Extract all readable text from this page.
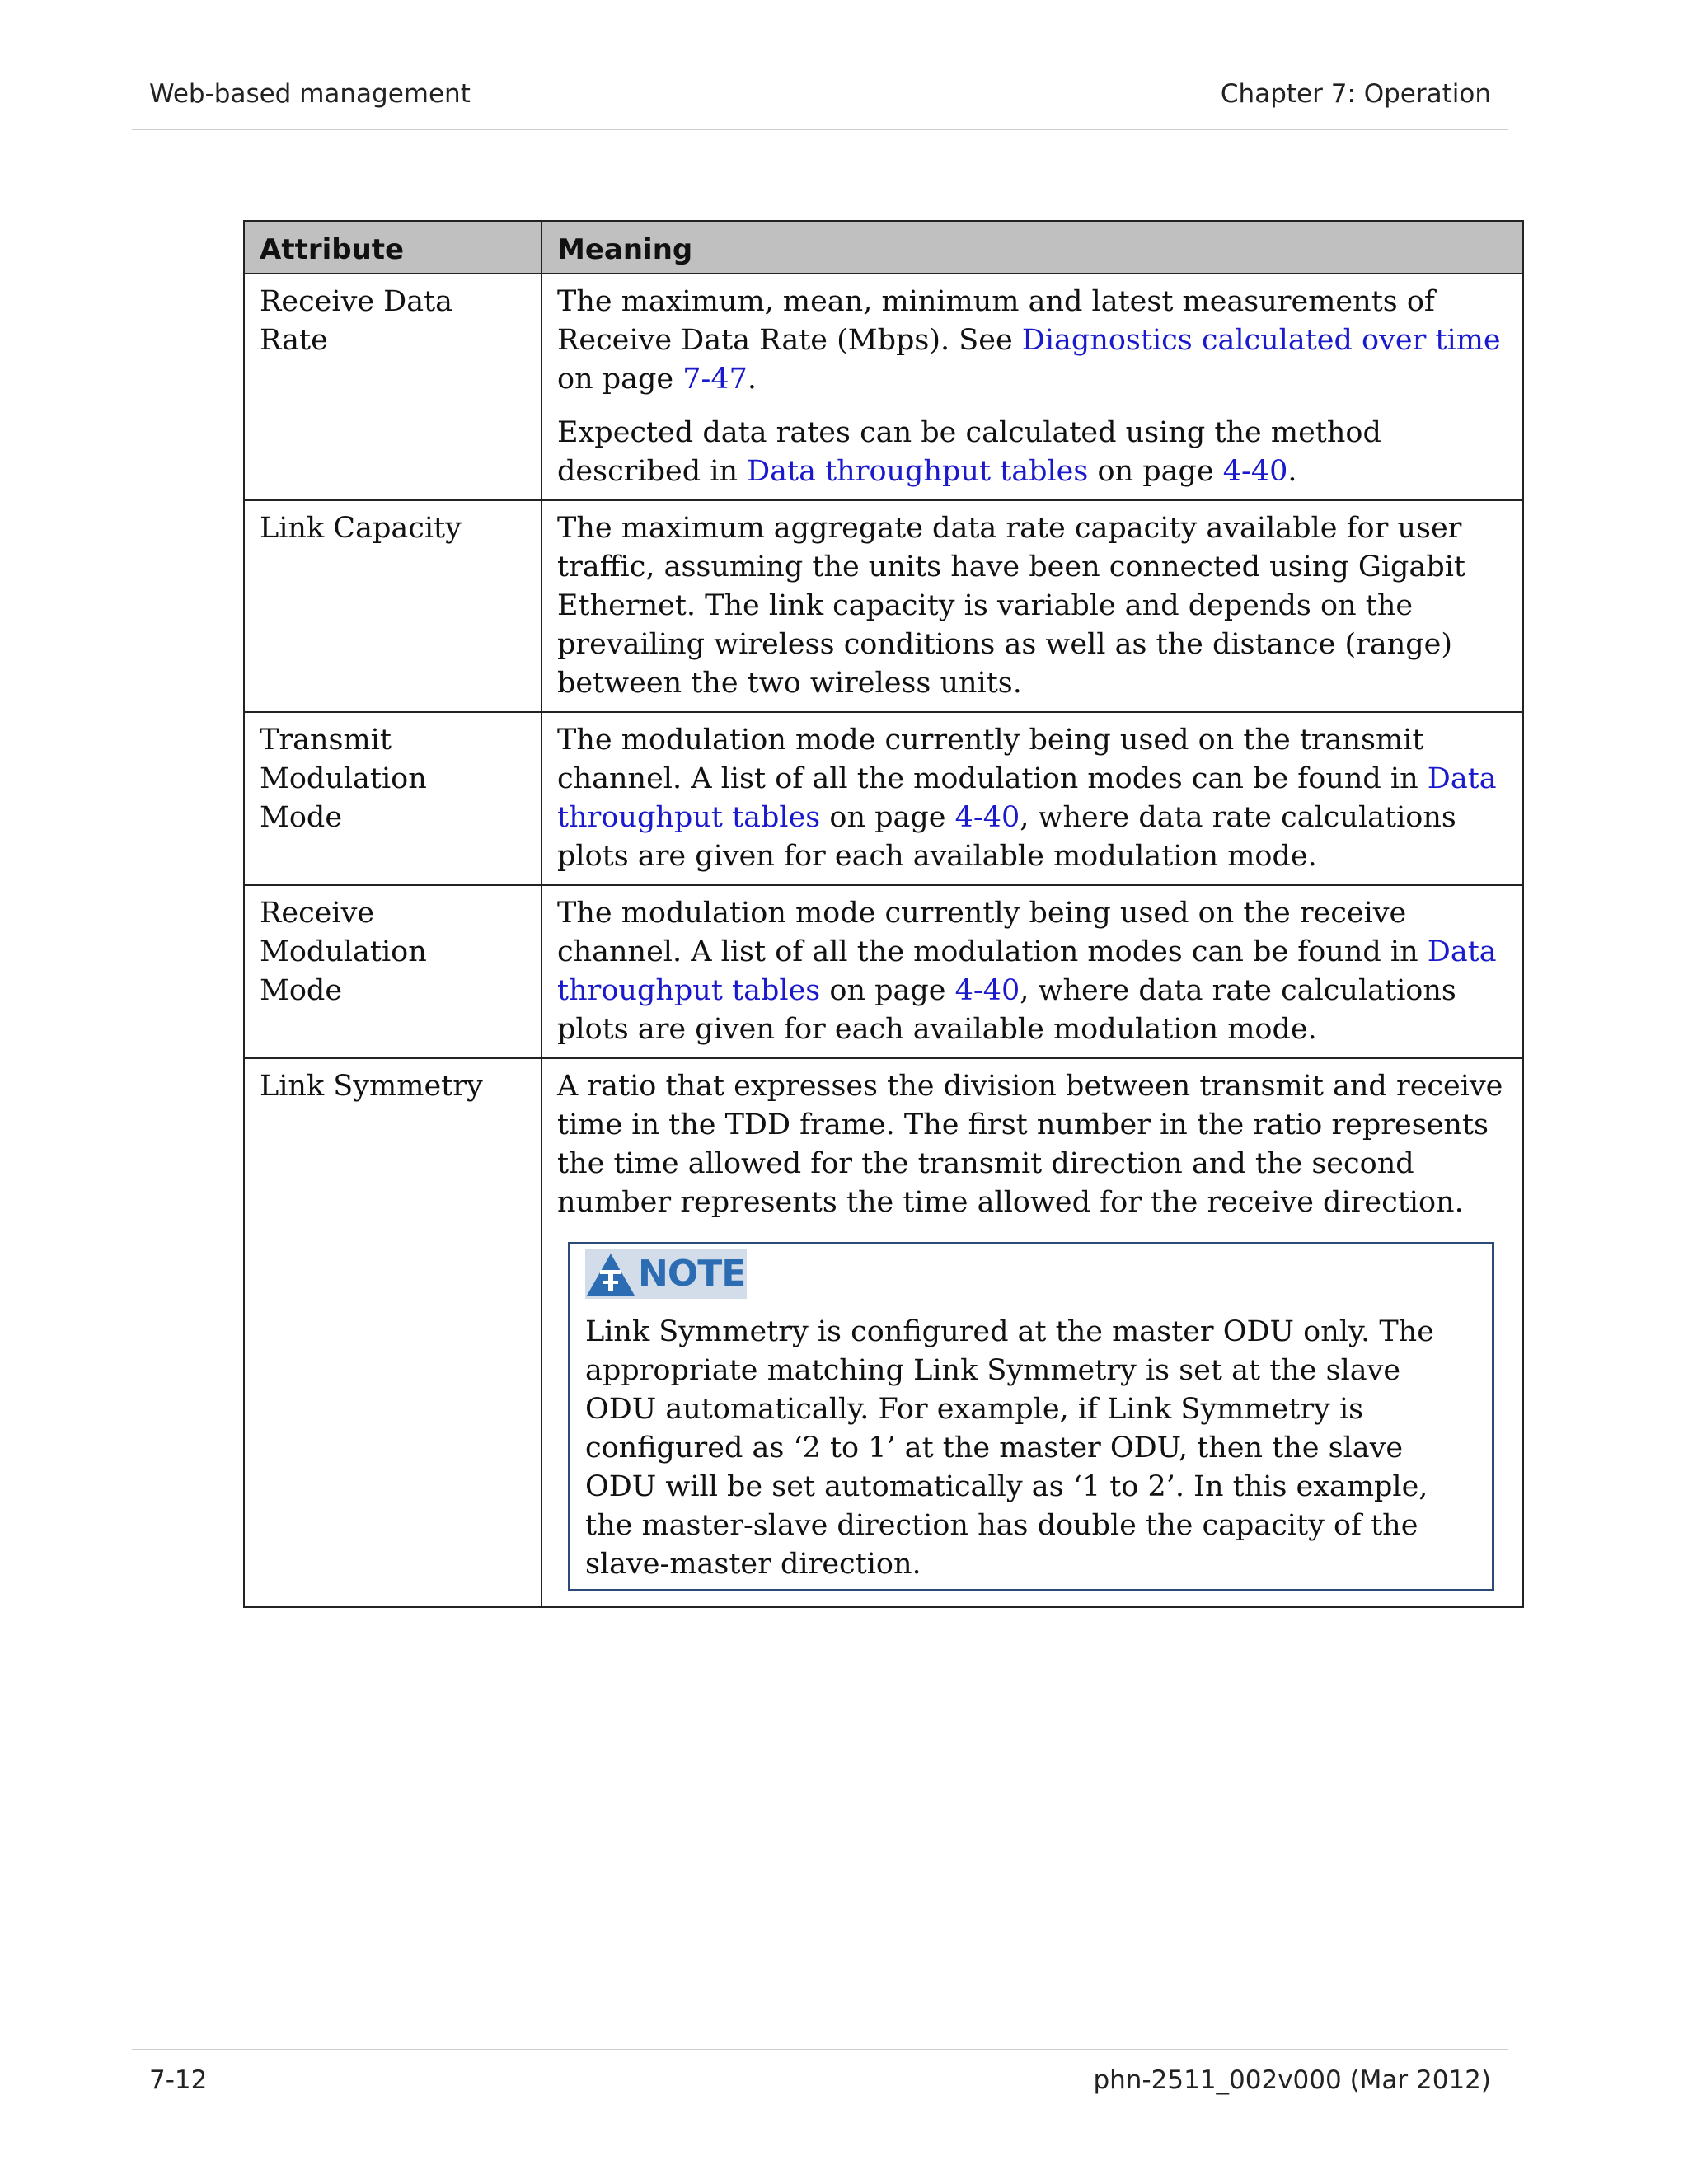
Web-based management	Chapter 7: Operation
Attribute	Meaning
Receive Data Rate	The maximum, mean, minimum and latest measurements of Receive Data Rate (Mbps). See Diagnostics calculated over time on page 7-47.

Expected data rates can be calculated using the method described in Data throughput tables on page 4-40.

Link Capacity	The maximum aggregate data rate capacity available for user traffic, assuming the units have been connected using Gigabit Ethernet. The link capacity is variable and depends on the prevailing wireless conditions as well as the distance (range) between the two wireless units.

Transmit Modulation Mode	The modulation mode currently being used on the transmit channel. A list of all the modulation modes can be found in Data throughput tables on page 4-40, where data rate calculations plots are given for each available modulation mode.

Receive Modulation Mode	The modulation mode currently being used on the receive channel. A list of all the modulation modes can be found in Data throughput tables on page 4-40, where data rate calculations plots are given for each available modulation mode.

Link Symmetry	A ratio that expresses the division between transmit and receive time in the TDD frame. The first number in the ratio represents the time allowed for the transmit direction and the second number represents the time allowed for the receive direction.

NOTE

Link Symmetry is configured at the master ODU only. The appropriate matching Link Symmetry is set at the slave ODU automatically. For example, if Link Symmetry is configured as ‘2 to 1’ at the master ODU, then the slave ODU will be set automatically as ‘1 to 2’. In this example, the master-slave direction has double the capacity of the slave-master direction.

7-12	phn-2511_002v000 (Mar 2012)
